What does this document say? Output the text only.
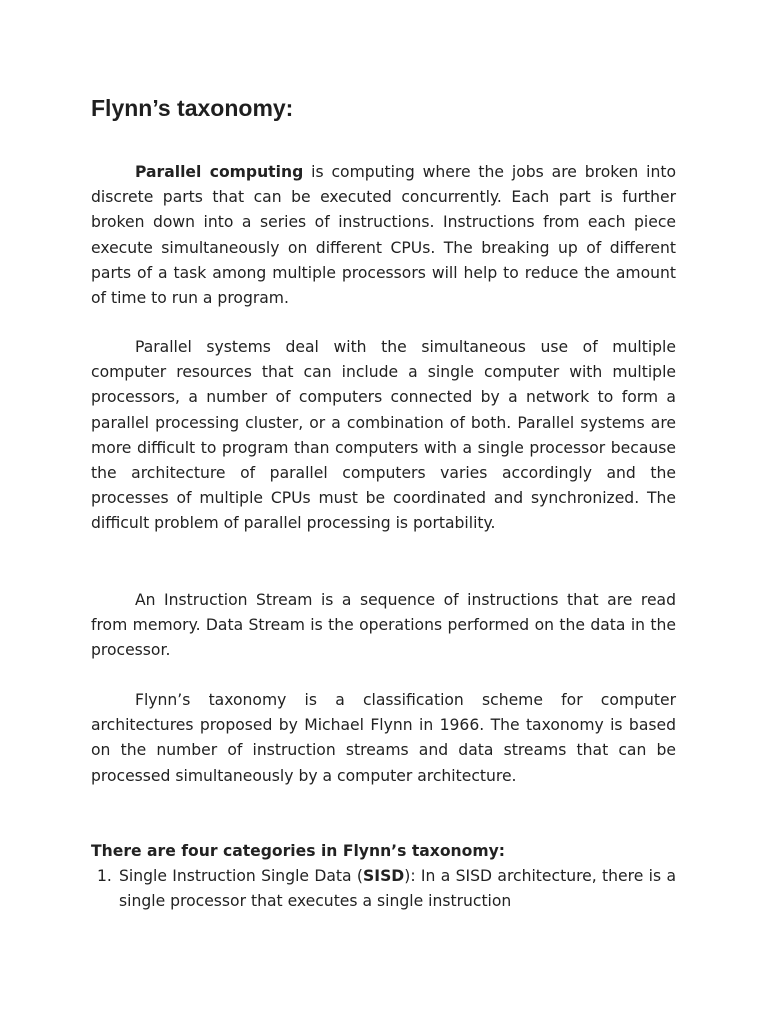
Flynn’s taxonomy:

Parallel computing is computing where the jobs are broken into discrete parts that can be executed concurrently. Each part is further broken down into a series of instructions. Instructions from each piece execute simultaneously on different CPUs. The breaking up of different parts of a task among multiple processors will help to reduce the amount of time to run a program.

Parallel systems deal with the simultaneous use of multiple computer resources that can include a single computer with multiple processors, a number of computers connected by a network to form a parallel processing cluster, or a combination of both. Parallel systems are more difficult to program than computers with a single processor because the architecture of parallel computers varies accordingly and the processes of multiple CPUs must be coordinated and synchronized. The difficult problem of parallel processing is portability.

An Instruction Stream is a sequence of instructions that are read from memory. Data Stream is the operations performed on the data in the processor.

Flynn’s taxonomy is a classification scheme for computer architectures proposed by Michael Flynn in 1966. The taxonomy is based on the number of instruction streams and data streams that can be processed simultaneously by a computer architecture.

There are four categories in Flynn’s taxonomy:

1. Single Instruction Single Data (SISD): In a SISD architecture, there is a single processor that executes a single instruction
